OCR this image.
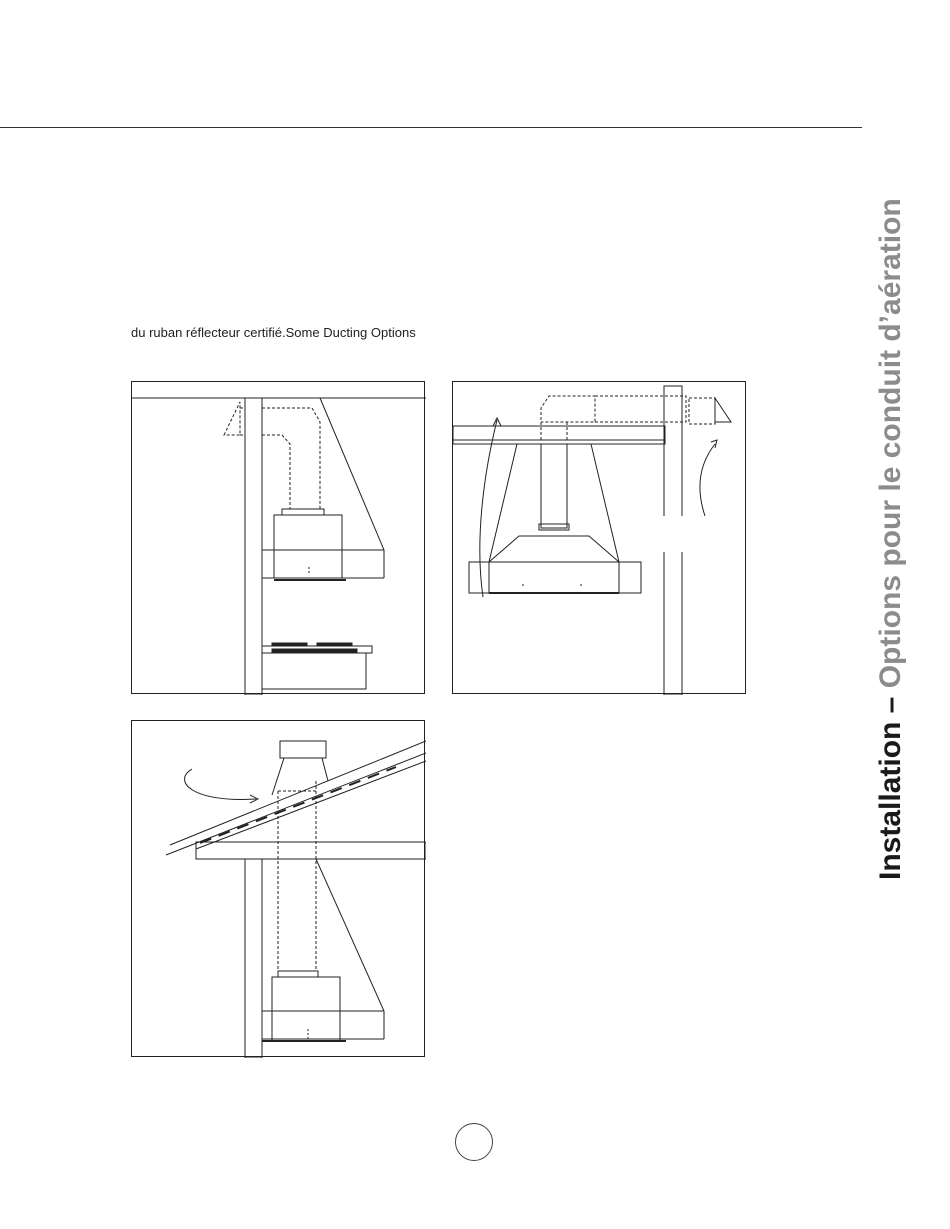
du ruban réflecteur certifié.Some Ducting Options
Installation – Options pour le conduit d’aération
